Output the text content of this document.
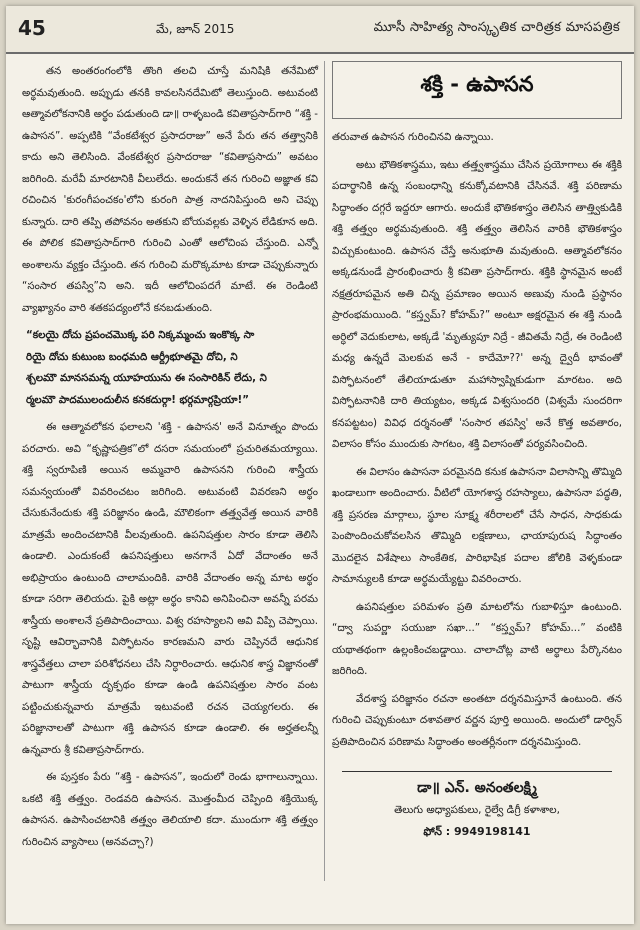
45	మే, జూన్ 2015	మూసీ సాహిత్య సాంస్కృతిక చారిత్రక మాసపత్రిక

తన అంతరంగంలోకి తొంగి తలచి చూస్తే మనిషికి తనేమిటో అర్థమవుతుంది. అప్పుడు తనకి కావలసినదేమిటో తెలుస్తుంది. అటువంటి ఆత్మావలోకనానికి అర్థం పడుతుంది డా॥ రాళ్ళబండి కవితాప్రసాద్‌గారి “శక్తి - ఉపాసన”. అప్పటికి “వేంకటేశ్వర ప్రసాదరాజు” అనే పేరు తన తత్త్వానికి కాదు అని తెలిసింది. వేంకటేశ్వర ప్రసాదరాజు “కవితాప్రసాదు” అవటం జరిగింది. మరేవీ మారటానికి వీలులేదు. అందుకనే తన గురించి అజ్ఞాత కవి రచించిన 'కురంగీపంచకం'లోని కురంగి పాత్ర నాదనిపిస్తుంది అని చెప్పు కున్నారు. దారి తప్పి తపోవనం అతకుని బోయవల్లకు వెళ్ళిన లేడికూన అది. ఈ పోలిక కవితాప్రసాద్‌గారి గురించి ఎంతో ఆలోచింప చేస్తుంది. ఎన్నో అంశాలను వ్యక్తం చేస్తుంది. తన గురించి మరొక్కమాట కూడా చెప్పుకున్నారు “సంసార తపస్వి”ని అని. ఇదీ ఆలోచింపదగే మాటే. ఈ రెండింటి వ్యాఖ్యానం వారి శతకపద్యంలోనే కనబడుతుంది.

“కలయై దోచు ప్రపంచమొక్క పరి నిక్కమ్మంచు ఇంకొక్క సా
రియై దోచు కుటుంబ బంధమది ఆర్ద్రీభూతమై దోచి, ని
శ్చలమౌ మానసమన్న యూహయును ఈ సంసారికిన్ లేదు, ని
ర్మలమౌ పాదములందులీన కనకదుర్గా! భర్గమార్గప్రియా!”

ఈ ఆత్మావలోకన ఫలాలని 'శక్తి - ఉపాసన' అనే వినూత్నం పొందు పరచారు. అవి “కృష్ణాపత్రిక”లో దసరా సమయంలో ప్రచురితమయ్యాయి. శక్తి స్వరూపిణి అయిన అమ్మవారి ఉపాసనని గురించి శాస్త్రీయ సమన్వయంతో వివరించటం జరిగింది. అటువంటి వివరణని అర్థం చేసుకునేందుకు శక్తి పరిజ్ఞానం ఉండి, మౌలికంగా తత్త్వవేత్త అయిన వారికి మాత్రమే అందించటానికి వీలవుతుంది. ఉపనిషత్తుల సారం కూడా తెలిసి ఉండాలి. ఎందుకంటే ఉపనిషత్తులు అనగానే ఏదో వేదాంతం అనే అభిప్రాయం ఉంటుంది చాలామందికి. వారికి వేదాంతం అన్న మాట అర్థం కూడా సరిగా తెలియదు. పైకి అట్లా అర్థం కానివి అనిపించినా అవన్నీ పరమ శాస్త్రీయ అంశాలనే ప్రతిపాదించాయి. విశ్వ రహస్యాలని అవి విప్పి చెప్పాయి. సృష్టి ఆవిర్భావానికి విస్ఫోటనం కారణమని వారు చెప్పినదే ఆధునిక శాస్త్రవేత్తలు చాలా పరిశోధనలు చేసి నిర్ధారించారు. ఆధునిక శాస్త్ర విజ్ఞానంతో పాటుగా శాస్త్రీయ దృక్పథం కూడా ఉండి ఉపనిషత్తుల సారం వంట పట్టించుకున్నవారు మాత్రమే ఇటువంటి రచన చెయ్యగలరు. ఈ పరిజ్ఞానాలతో పాటుగా శక్తి ఉపాసన కూడా ఉండాలి. ఈ అర్హతలన్నీ ఉన్నవారు శ్రీ కవితాప్రసాద్‌గారు.

ఈ పుస్తకం పేరు “శక్తి - ఉపాసన”, ఇందులో రెండు భాగాలున్నాయి. ఒకటి శక్తి తత్త్వం. రెండవది ఉపాసన. మొత్తంమీద చెప్పింది శక్తియొక్క ఉపాసన. ఉపాసించటానికి తత్త్వం తెలియాలి కదా. ముందుగా శక్తి తత్త్వం గురించిన వ్యాసాలు (అనవచ్చా?)

శక్తి - ఉపాసన

తరువాత ఉపాసన గురించినవి ఉన్నాయి.

అటు భౌతికశాస్త్రము, ఇటు తత్త్వశాస్త్రము చేసిన ప్రయోగాలు ఈ శక్తికి పదార్థానికి ఉన్న సంబంధాన్ని కనుక్కోవటానికి చేసినవే. శక్తి పరిణామ సిద్ధాంతం దగ్గరే ఇద్దరూ ఆగారు. అందుకే భౌతికశాస్త్రం తెలిసిన తాత్త్వికుడికి శక్తి తత్త్వం అర్థమవుతుంది. శక్తి తత్త్వం తెలిసిన వారికి భౌతికశాస్త్రం విచ్చుకుంటుంది. ఉపాసన చేస్తే అనుభూతి మవుతుంది. ఆత్మావలోకనం అక్కడనుండే ప్రారంభించారు శ్రీ కవితా ప్రసాద్‌గారు. శక్తికి స్థానమైన అంటే నక్షత్రరూపమైన అతి చిన్న ప్రమాణం అయిన అణువు నుండి ప్రస్థానం ప్రారంభమయింది. “కస్త్వమ్? కోహమ్?” అంటూ అక్షరమైన ఈ శక్తి నుండి అర్ధిలో వెదుకులాట, అక్కడే 'మృత్యుపూ నిద్రే - జీవితమే నిద్రే, ఈ రెండింటి మధ్య ఉన్నదే మెలకువ అనే - కాదేమో??' అన్న ద్వైదీ భావంతో విస్ఫోటనంలో తేలియాడుతూ మహాస్వాప్నికుడుగా మారటం. అది విస్ఫోటనానికి దారి తియ్యటం, అక్కడ విశ్వసుందరి (విశ్వమే సుందరిగా కనపట్టటం) వివిధ దర్శనంతో 'సంసార తపస్వి' అనే కొత్త అవతారం, విలాసం కోసం ముందుకు సాగటం, శక్తి విలాసంతో పర్యవసించింది.

ఈ విలాసం ఉపాసనా పరమైనది కనుక ఉపాసనా విలాసాన్ని తొమ్మిది ఖండాలుగా అందించారు. వీటిలో యోగశాస్త్ర రహస్యాలు, ఉపాసనా పద్ధతి, శక్తి ప్రసరణ మార్గాలు, స్థూల సూక్ష్మ శరీరాలలో చేసే సాధన, సాధకుడు పెంపొందించుకోవలసిన తొమ్మిది లక్షణాలు, ఛాయాపురుష సిద్ధాంతం మొదలైన విశేషాలు సాంకేతిక, పారిభాషిక పదాల జోలికి వెళ్ళకుండా సామాన్యులకి కూడా అర్థమయ్యేట్టు వివరించారు.

ఉపనిషత్తుల పరిమళం ప్రతి మాటలోను గుబాళిస్తూ ఉంటుంది. “ద్వా సుపర్ణా సయుజా సఖా...” “కస్త్వమ్? కోహమ్...” వంటికి యథాతథంగా ఉల్లంకించబడ్డాయి. చాలాచోట్ల వాటి అర్థాలు పేర్కొనటం జరిగింది.

వేదశాస్త్ర పరిజ్ఞానం రచనా అంతటా దర్శనమిస్తూనే ఉంటుంది. తన గురించి చెప్పుకుంటూ దశావతార వర్ణన పూర్తి అయింది. అందులో డార్విన్ ప్రతిపాదించిన పరిణామ సిద్ధాంతం అంతర్లీనంగా దర్శనమిస్తుంది.

డా॥ ఎన్. అనంతలక్ష్మి
తెలుగు అధ్యాపకులు, రైల్వే డిగ్రీ కళాశాల,
ఫోన్ : 9949198141
